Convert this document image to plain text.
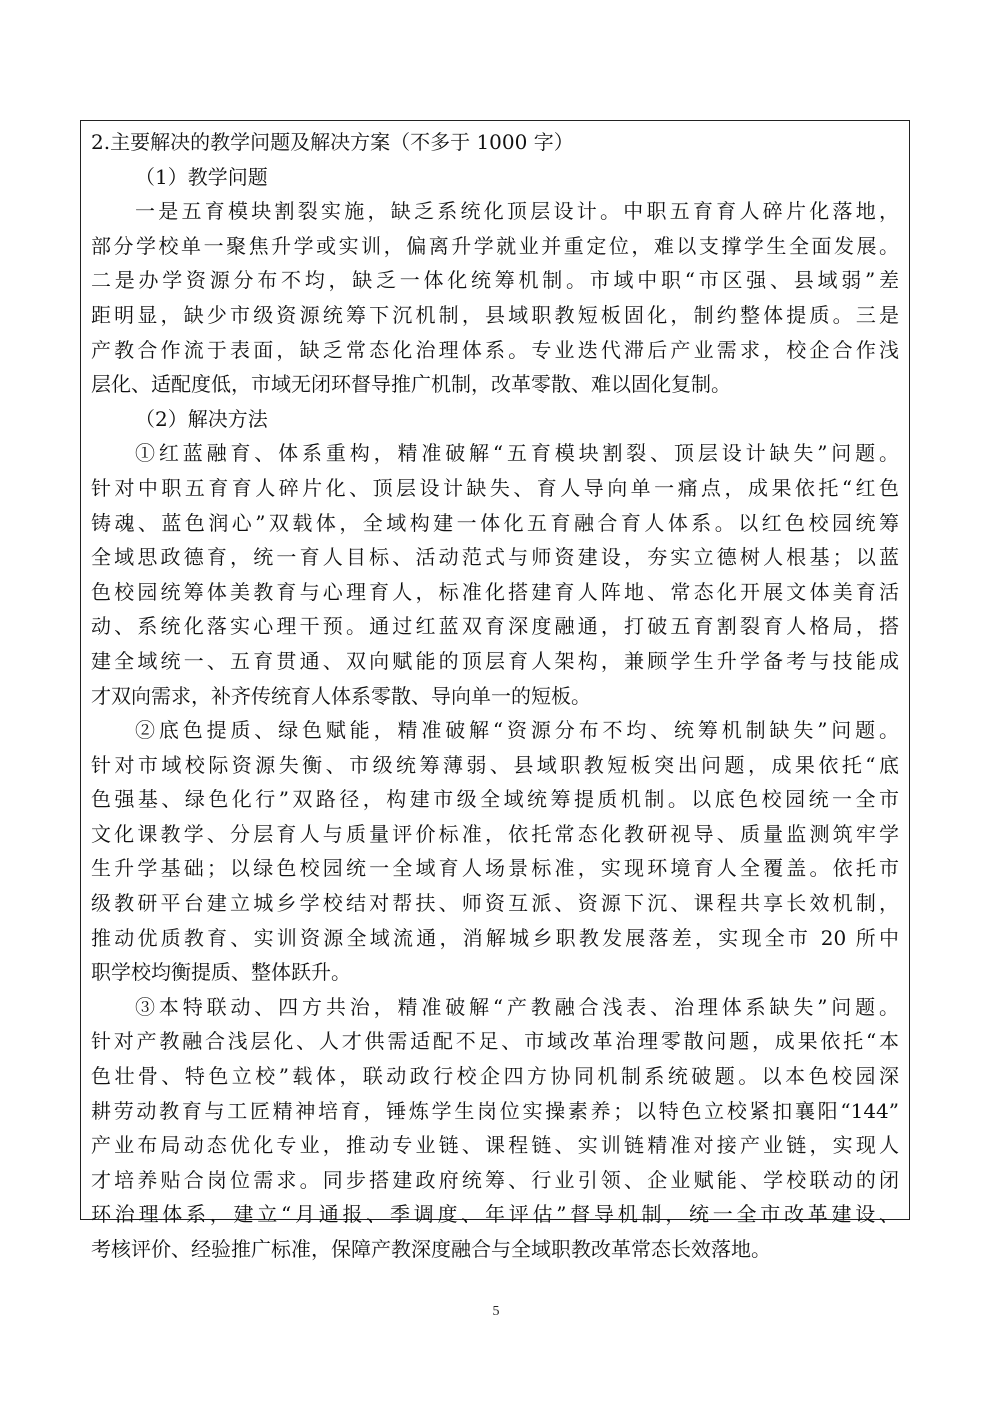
2.主要解决的教学问题及解决方案（不多于 1000 字）
（1）教学问题
一是五育模块割裂实施，缺乏系统化顶层设计。中职五育育人碎片化落地，
部分学校单一聚焦升学或实训，偏离升学就业并重定位，难以支撑学生全面发展。
二是办学资源分布不均，缺乏一体化统筹机制。市域中职“市区强、县域弱”差
距明显，缺少市级资源统筹下沉机制，县域职教短板固化，制约整体提质。三是
产教合作流于表面，缺乏常态化治理体系。专业迭代滞后产业需求，校企合作浅
层化、适配度低，市域无闭环督导推广机制，改革零散、难以固化复制。
（2）解决方法
①红蓝融育、体系重构，精准破解“五育模块割裂、顶层设计缺失”问题。
针对中职五育育人碎片化、顶层设计缺失、育人导向单一痛点，成果依托“红色
铸魂、蓝色润心”双载体，全域构建一体化五育融合育人体系。以红色校园统筹
全域思政德育，统一育人目标、活动范式与师资建设，夯实立德树人根基；以蓝
色校园统筹体美教育与心理育人，标准化搭建育人阵地、常态化开展文体美育活
动、系统化落实心理干预。通过红蓝双育深度融通，打破五育割裂育人格局，搭
建全域统一、五育贯通、双向赋能的顶层育人架构，兼顾学生升学备考与技能成
才双向需求，补齐传统育人体系零散、导向单一的短板。
②底色提质、绿色赋能，精准破解“资源分布不均、统筹机制缺失”问题。
针对市域校际资源失衡、市级统筹薄弱、县域职教短板突出问题，成果依托“底
色强基、绿色化行”双路径，构建市级全域统筹提质机制。以底色校园统一全市
文化课教学、分层育人与质量评价标准，依托常态化教研视导、质量监测筑牢学
生升学基础；以绿色校园统一全域育人场景标准，实现环境育人全覆盖。依托市
级教研平台建立城乡学校结对帮扶、师资互派、资源下沉、课程共享长效机制，
推动优质教育、实训资源全域流通，消解城乡职教发展落差，实现全市 20 所中
职学校均衡提质、整体跃升。
③本特联动、四方共治，精准破解“产教融合浅表、治理体系缺失”问题。
针对产教融合浅层化、人才供需适配不足、市域改革治理零散问题，成果依托“本
色壮骨、特色立校”载体，联动政行校企四方协同机制系统破题。以本色校园深
耕劳动教育与工匠精神培育，锤炼学生岗位实操素养；以特色立校紧扣襄阳“144”
产业布局动态优化专业，推动专业链、课程链、实训链精准对接产业链，实现人
才培养贴合岗位需求。同步搭建政府统筹、行业引领、企业赋能、学校联动的闭
环治理体系，建立“月通报、季调度、年评估”督导机制，统一全市改革建设、
考核评价、经验推广标准，保障产教深度融合与全域职教改革常态长效落地。
5
